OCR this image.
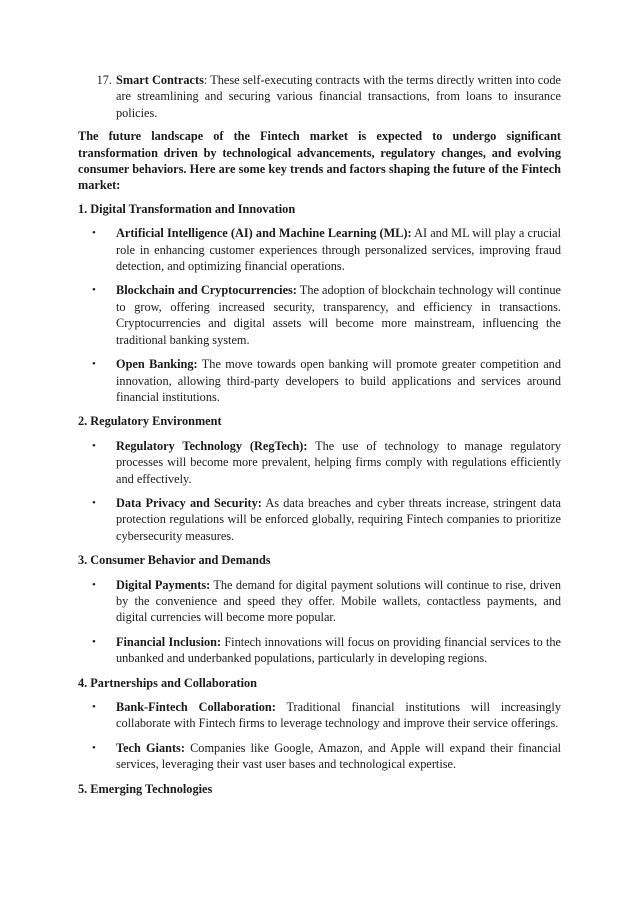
17. Smart Contracts: These self-executing contracts with the terms directly written into code are streamlining and securing various financial transactions, from loans to insurance policies.

The future landscape of the Fintech market is expected to undergo significant transformation driven by technological advancements, regulatory changes, and evolving consumer behaviors. Here are some key trends and factors shaping the future of the Fintech market:

1. Digital Transformation and Innovation
•	Artificial Intelligence (AI) and Machine Learning (ML): AI and ML will play a crucial role in enhancing customer experiences through personalized services, improving fraud detection, and optimizing financial operations.
•	Blockchain and Cryptocurrencies: The adoption of blockchain technology will continue to grow, offering increased security, transparency, and efficiency in transactions. Cryptocurrencies and digital assets will become more mainstream, influencing the traditional banking system.
•	Open Banking: The move towards open banking will promote greater competition and innovation, allowing third-party developers to build applications and services around financial institutions.
2. Regulatory Environment
•	Regulatory Technology (RegTech): The use of technology to manage regulatory processes will become more prevalent, helping firms comply with regulations efficiently and effectively.
•	Data Privacy and Security: As data breaches and cyber threats increase, stringent data protection regulations will be enforced globally, requiring Fintech companies to prioritize cybersecurity measures.
3. Consumer Behavior and Demands
•	Digital Payments: The demand for digital payment solutions will continue to rise, driven by the convenience and speed they offer. Mobile wallets, contactless payments, and digital currencies will become more popular.
•	Financial Inclusion: Fintech innovations will focus on providing financial services to the unbanked and underbanked populations, particularly in developing regions.
4. Partnerships and Collaboration
•	Bank-Fintech Collaboration: Traditional financial institutions will increasingly collaborate with Fintech firms to leverage technology and improve their service offerings.
•	Tech Giants: Companies like Google, Amazon, and Apple will expand their financial services, leveraging their vast user bases and technological expertise.
5. Emerging Technologies
